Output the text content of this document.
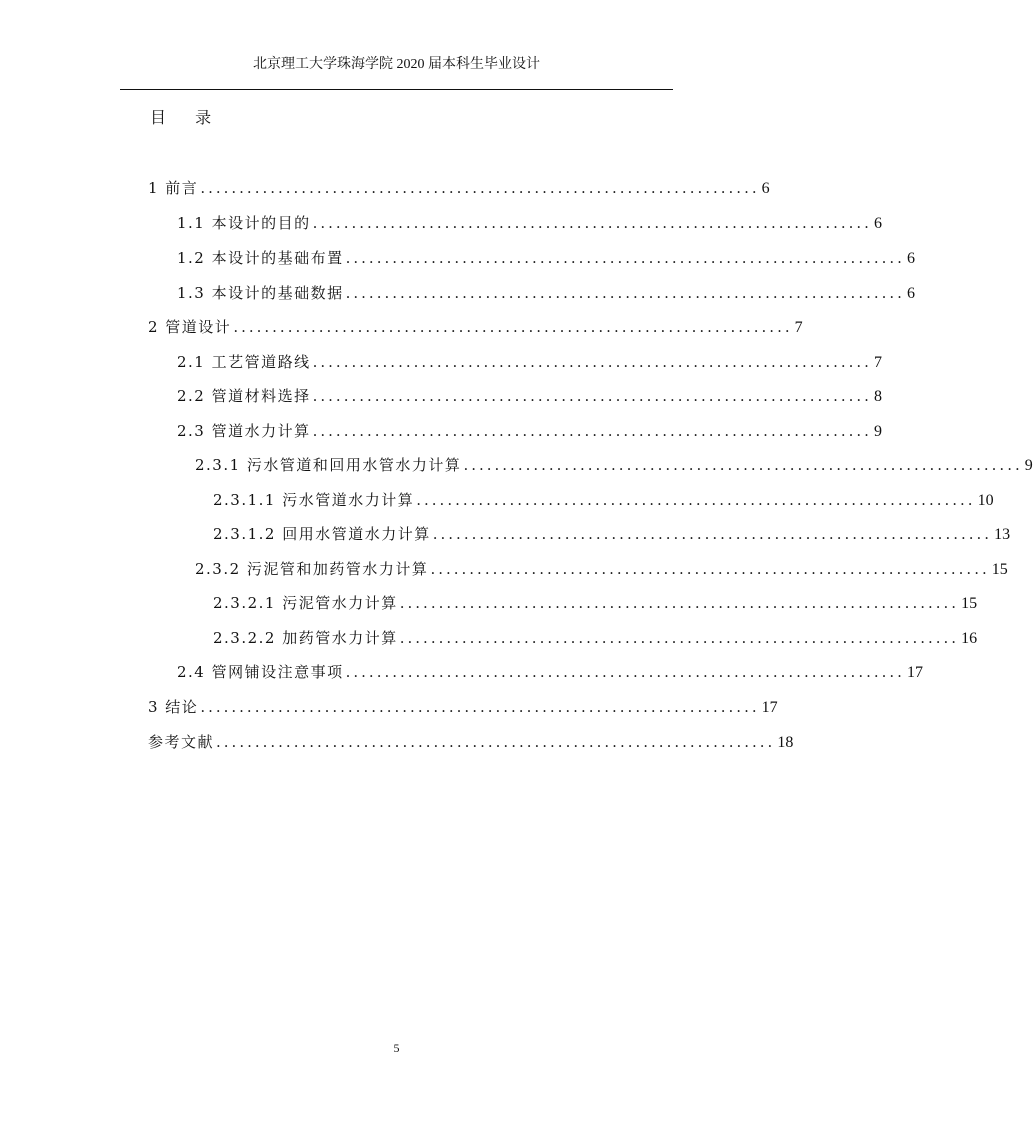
北京理工大学珠海学院 2020 届本科生毕业设计
目 录
1 前言 ........................................................................ 6
1.1 本设计的目的 ........................................................................ 6
1.2 本设计的基础布置 ........................................................................ 6
1.3 本设计的基础数据 ........................................................................ 6
2 管道设计 ........................................................................ 7
2.1 工艺管道路线 ........................................................................ 7
2.2 管道材料选择 ........................................................................ 8
2.3 管道水力计算 ........................................................................ 9
2.3.1 污水管道和回用水管水力计算 ........................................................................ 9
2.3.1.1 污水管道水力计算 ........................................................................ 10
2.3.1.2 回用水管道水力计算 ........................................................................ 13
2.3.2 污泥管和加药管水力计算 ........................................................................ 15
2.3.2.1 污泥管水力计算 ........................................................................ 15
2.3.2.2 加药管水力计算 ........................................................................ 16
2.4 管网铺设注意事项 ........................................................................ 17
3 结论 ........................................................................ 17
参考文献 ........................................................................ 18
5
